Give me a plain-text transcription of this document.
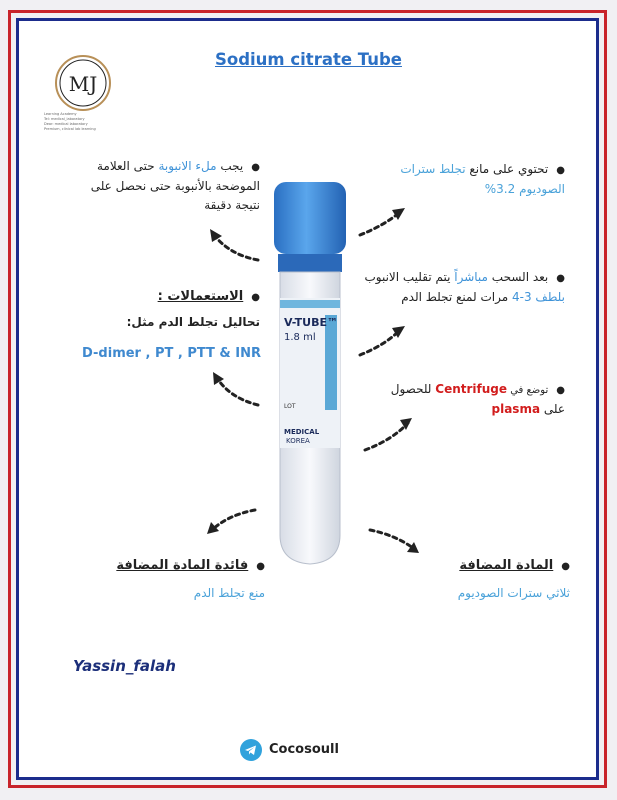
MJ
Learning Academy
Tel: medical_laboratory
Dear: medical laboratory
Premium, clinical lab learning
Sodium citrate Tube
●يجب ملء الانبوبة حتى العلامة
الموضحة بالأنبوبة حتى نحصل على
نتيجة دقيقة
●الاستعمالات :
تحاليل تجلط الدم مثل:
D-dimer , PT , PTT & INR
●تحتوي على مانع تجلط سترات
الصوديوم 3.2%
●بعد السحب مباشراً يتم تقليب الانبوب
بلطف 3-4 مرات لمنع تجلط الدم
●توضع في Centrifuge للحصول
على plasma
●فائدة المادة المضافة
منع تجلط الدم
●المادة المضافة
ثلاثي سترات الصوديوم
V-TUBE™
1.8 ml
LOT
MEDICAL
KOREA
Yassin_falah
Cocosoull
